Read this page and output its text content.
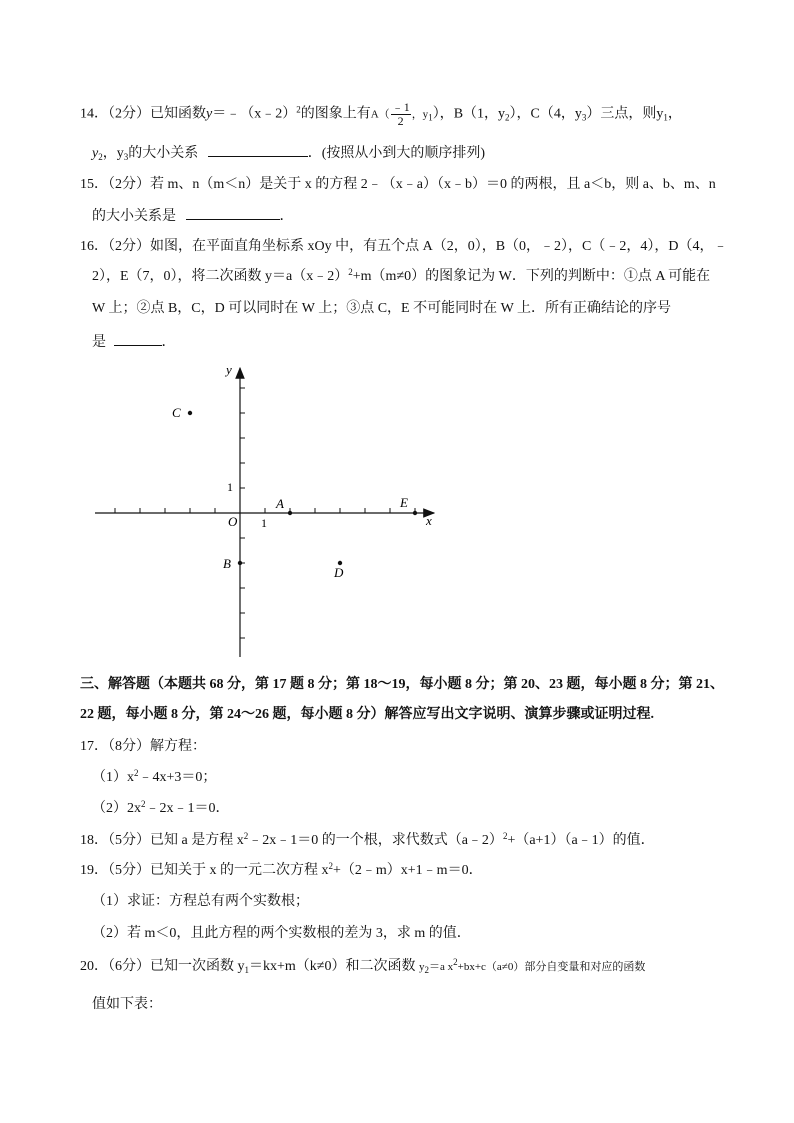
14．（2分）已知函数y＝﹣（x﹣2）$^2$的图象上有$A( \frac{﹣1}{2}$ ，$y_1$），B（1，$y_2$），C（4，$y_3$）三点，则$y_1$，
$y_2$，$y_3$的大小关系	．(按照从小到大的顺序排列)
15．（2分）若 m、n（m＜n）是关于 x 的方程 2﹣（x﹣a）（x﹣b）＝0 的两根，且 a＜b，则 a、b、m、n
的大小关系是	．
16．（2分）如图，在平面直角坐标系 xOy 中，有五个点 A（2，0），B（0，﹣2），C（﹣2，4），D（4，﹣
2），E（7，0），将二次函数 y＝a（x﹣2）$^2$+m（m≠0）的图象记为 W．下列的判断中：①点 A 可能在
W 上；②点 B，C，D 可以同时在 W 上；③点 C，E 不可能同时在 W 上．所有正确结论的序号
是	．
y
x
O 1
1
A
B
C
D
E
三、解答题（本题共 68 分，第 17 题 8 分；第 18～19，每小题 8 分；第 20、23 题，每小题 8 分；第 21、
22 题，每小题 8 分，第 24～26 题，每小题 8 分）解答应写出文字说明、演算步骤或证明过程.
17．（8分）解方程：
$(1)x^2﹣4x+3=0$；
$(2)2x^2﹣2x﹣1=0$．
18．（5分）已知 a 是方程 $x^2﹣2x﹣1=0$ 的一个根，求代数式（a﹣2）$^2$+（a+1）（a﹣1）的值．
19．（5分）已知关于 x 的一元二次方程 $x^2+(2﹣m)x+1﹣m=0$．
（1）求证：方程总有两个实数根；
（2）若 m＜0，且此方程的两个实数根的差为 3，求 m 的值．
20．（6分）已知一次函数 $y_1=kx+m(k\ne 0)$和二次函数 $y_2=a$ $x^2+bx+c(a\ne 0)$部分自变量和对应的函数
值如下表：
